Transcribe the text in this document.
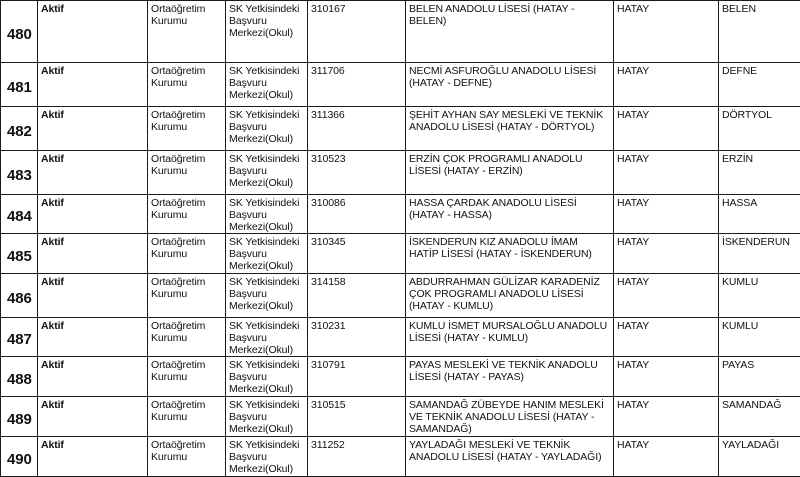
480	Aktif	Ortaöğretim Kurumu	SK Yetkisindeki Başvuru Merkezi(Okul)	310167	BELEN ANADOLU LİSESİ (HATAY - BELEN)	HATAY	BELEN
481	Aktif	Ortaöğretim Kurumu	SK Yetkisindeki Başvuru Merkezi(Okul)	311706	NECMİ ASFUROĞLU ANADOLU LİSESİ (HATAY - DEFNE)	HATAY	DEFNE
482	Aktif	Ortaöğretim Kurumu	SK Yetkisindeki Başvuru Merkezi(Okul)	311366	ŞEHİT AYHAN SAY MESLEKİ VE TEKNİK ANADOLU LİSESİ (HATAY - DÖRTYOL)	HATAY	DÖRTYOL
483	Aktif	Ortaöğretim Kurumu	SK Yetkisindeki Başvuru Merkezi(Okul)	310523	ERZİN ÇOK PROGRAMLI ANADOLU LİSESİ (HATAY - ERZİN)	HATAY	ERZİN
484	Aktif	Ortaöğretim Kurumu	SK Yetkisindeki Başvuru Merkezi(Okul)	310086	HASSA ÇARDAK ANADOLU LİSESİ (HATAY - HASSA)	HATAY	HASSA
485	Aktif	Ortaöğretim Kurumu	SK Yetkisindeki Başvuru Merkezi(Okul)	310345	İSKENDERUN KIZ ANADOLU İMAM HATİP LİSESİ (HATAY - İSKENDERUN)	HATAY	İSKENDERUN
486	Aktif	Ortaöğretim Kurumu	SK Yetkisindeki Başvuru Merkezi(Okul)	314158	ABDURRAHMAN GÜLİZAR KARADENİZ ÇOK PROGRAMLI ANADOLU LİSESİ (HATAY - KUMLU)	HATAY	KUMLU
487	Aktif	Ortaöğretim Kurumu	SK Yetkisindeki Başvuru Merkezi(Okul)	310231	KUMLU İSMET MURSALOĞLU ANADOLU LİSESİ (HATAY - KUMLU)	HATAY	KUMLU
488	Aktif	Ortaöğretim Kurumu	SK Yetkisindeki Başvuru Merkezi(Okul)	310791	PAYAS MESLEKİ VE TEKNİK ANADOLU LİSESİ (HATAY - PAYAS)	HATAY	PAYAS
489	Aktif	Ortaöğretim Kurumu	SK Yetkisindeki Başvuru Merkezi(Okul)	310515	SAMANDAĞ ZÜBEYDE HANIM MESLEKİ VE TEKNİK ANADOLU LİSESİ (HATAY - SAMANDAĞ)	HATAY	SAMANDAĞ
490	Aktif	Ortaöğretim Kurumu	SK Yetkisindeki Başvuru Merkezi(Okul)	311252	YAYLADAĞI MESLEKİ VE TEKNİK ANADOLU LİSESİ (HATAY - YAYLADAĞI)	HATAY	YAYLADAĞI
